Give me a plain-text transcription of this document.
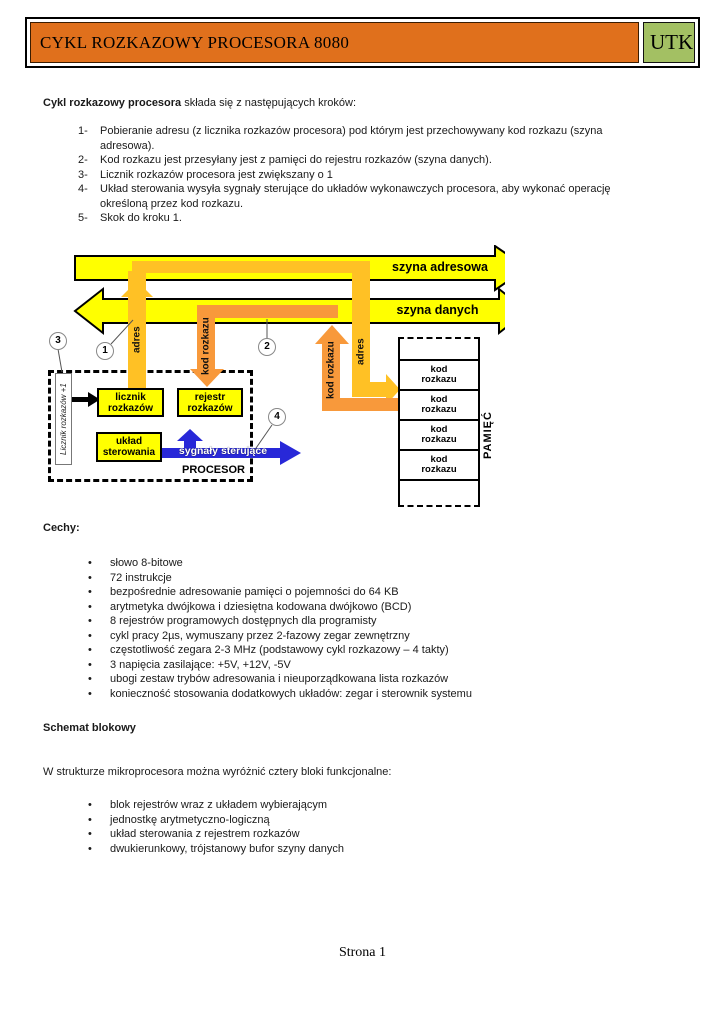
CYKL ROZKAZOWY PROCESORA 8080	UTK
Cykl rozkazowy procesora składa się z następujących kroków:
1-	Pobieranie adresu (z licznika rozkazów procesora) pod którym jest przechowywany kod rozkazu (szyna adresowa).
2-	Kod rozkazu jest przesyłany jest z pamięci do rejestru rozkazów (szyna danych).
3-	Licznik rozkazów procesora jest zwiększany o 1
4-	Układ sterowania wysyła sygnały sterujące do układów wykonawczych procesora, aby wykonać operację określoną przez kod rozkazu.
5-	Skok do kroku 1.
szyna adresowa
szyna danych
adres	kod rozkazu	kod rozkazu adres
1	2
3
4
Licznik rozkazów +1	licznik rozkazów
rejestr rozkazów
układ sterowania	sygnały sterujące
PROCESOR
kod rozkazu
kod rozkazu
kod rozkazu
kod rozkazu
PAMIĘĆ
Cechy:
•	słowo 8-bitowe
•	72 instrukcje
•	bezpośrednie adresowanie pamięci o pojemności do 64 KB
•	arytmetyka dwójkowa i dziesiętna kodowana dwójkowo (BCD)
•	8 rejestrów programowych dostępnych dla programisty
•	cykl pracy 2µs, wymuszany przez 2-fazowy zegar zewnętrzny
•	częstotliwość zegara 2-3 MHz (podstawowy cykl rozkazowy – 4 takty)
•	3 napięcia zasilające: +5V, +12V, -5V
•	ubogi zestaw trybów adresowania i nieuporządkowana lista rozkazów
•	konieczność stosowania dodatkowych układów: zegar i sterownik systemu
Schemat blokowy
W strukturze mikroprocesora można wyróżnić cztery bloki funkcjonalne:
•	blok rejestrów wraz z układem wybierającym
•	jednostkę arytmetyczno-logiczną
•	układ sterowania z rejestrem rozkazów
•	dwukierunkowy, trójstanowy bufor szyny danych
Strona 1
